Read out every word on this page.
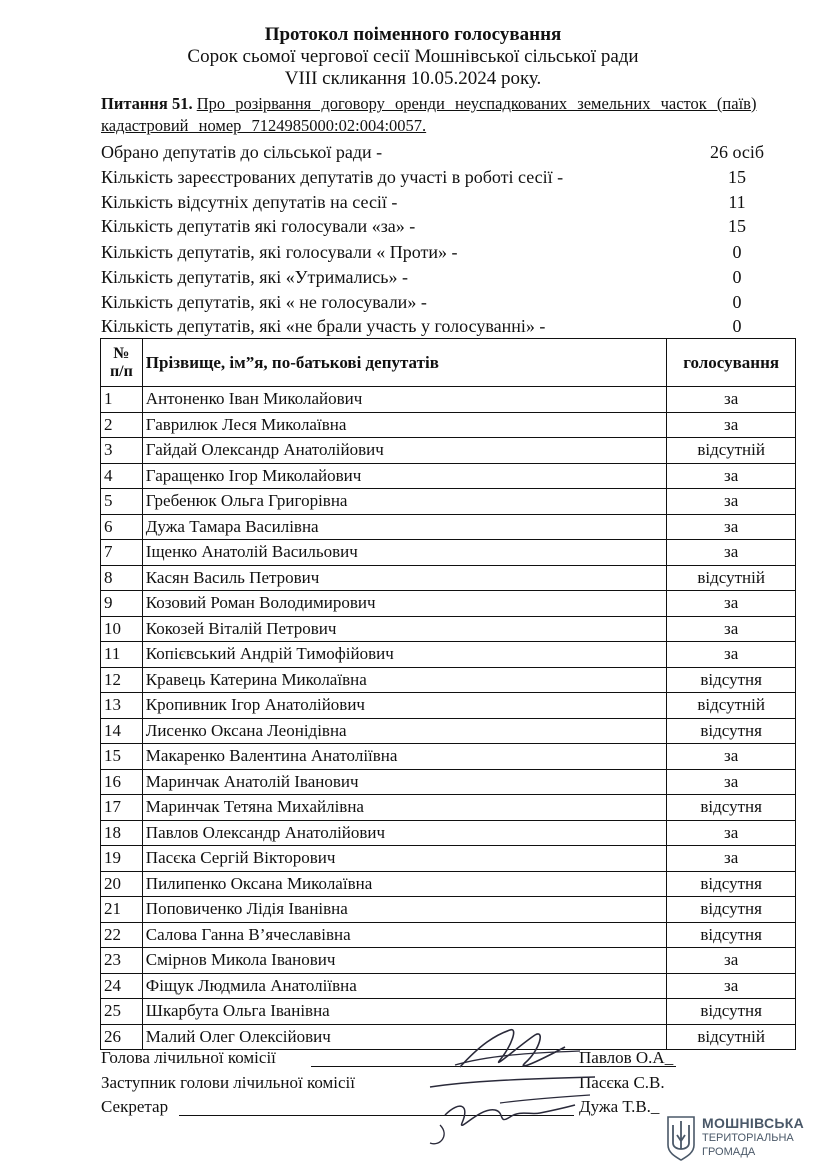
Протокол поіменного голосування
Сорок сьомої чергової сесії Мошнівської сільської ради
VIII скликання 10.05.2024 року.
Питання 51. Про розірвання договору оренди неуспадкованих земельних часток (паїв)
кадастровий номер 7124985000:02:004:0057.
Обрано депутатів до сільської ради -	26 осіб
Кількість зареєстрованих депутатів до участі в роботі сесії -	15
Кількість відсутніх депутатів на сесії -	11
Кількість депутатів які голосували «за» -	15
Кількість депутатів, які голосували « Проти» -	0
Кількість депутатів, які «Утримались» -	0
Кількість депутатів, які « не голосували» -	0
Кількість депутатів, які «не брали участь у голосуванні» -	0
№
п/п	Прізвище, ім”я, по-батькові депутатів	голосування
1	Антоненко Іван Миколайович	за
2	Гаврилюк Леся Миколаївна	за
3	Гайдай Олександр Анатолійович	відсутній
4	Гаращенко Ігор Миколайович	за
5	Гребенюк Ольга Григорівна	за
6	Дужа Тамара Василівна	за
7	Іщенко Анатолій Васильович	за
8	Касян Василь Петрович	відсутній
9	Козовий Роман Володимирович	за
10	Кокозей Віталій Петрович	за
11	Копієвський Андрій Тимофійович	за
12	Кравець Катерина Миколаївна	відсутня
13	Кропивник Ігор Анатолійович	відсутній
14	Лисенко Оксана Леонідівна	відсутня
15	Макаренко Валентина Анатоліївна	за
16	Маринчак Анатолій Іванович	за
17	Маринчак Тетяна Михайлівна	відсутня
18	Павлов Олександр Анатолійович	за
19	Пасєка Сергій Вікторович	за
20	Пилипенко Оксана Миколаївна	відсутня
21	Поповиченко Лідія Іванівна	відсутня
22	Салова Ганна В’ячеславівна	відсутня
23	Смірнов Микола Іванович	за
24	Фіщук Людмила Анатоліївна	за
25	Шкарбута Ольга Іванівна	відсутня
26	Малий Олег Олексійович	відсутній
Голова лічильної комісії	Павлов О.А_
Заступник голови лічильної комісії	Пасєка С.В.
Секретар	Дужа Т.В._
МОШНІВСЬКА
ТЕРИТОРІАЛЬНА
ГРОМАДА
